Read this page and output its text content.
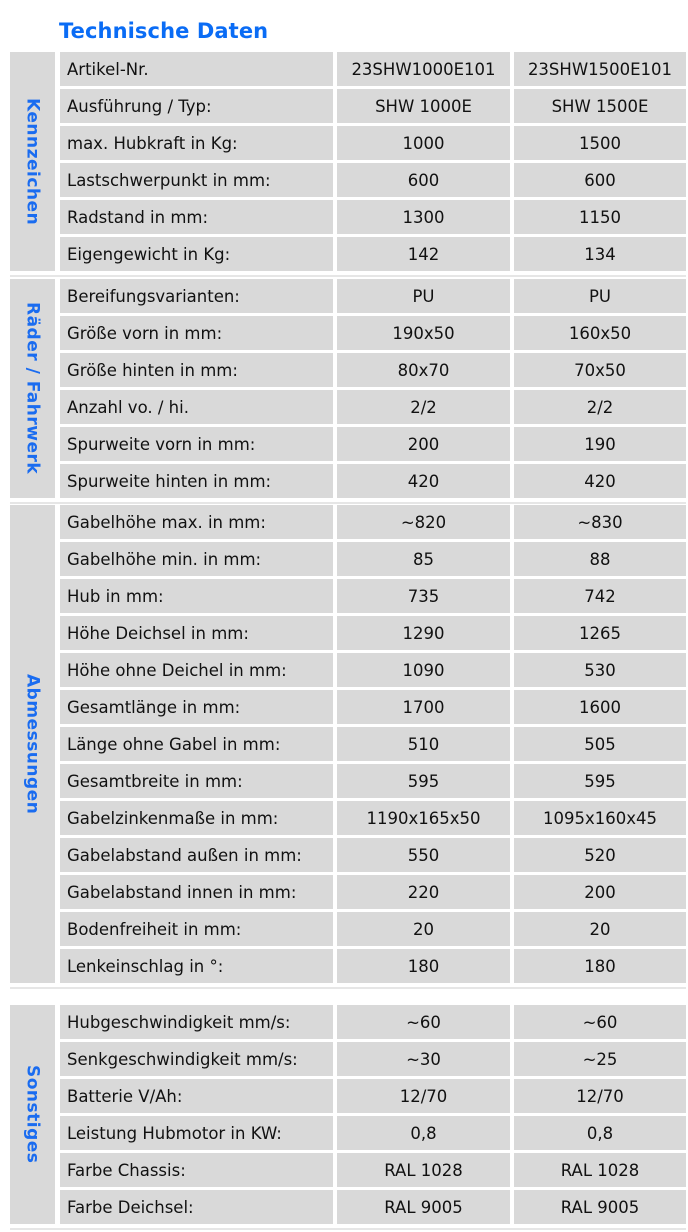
Technische Daten
Kennzeichen
Artikel-Nr.	23SHW1000E101	23SHW1500E101
Ausführung / Typ:	SHW 1000E	SHW 1500E
max. Hubkraft in Kg:	1000	1500
Lastschwerpunkt in mm:	600	600
Radstand in mm:	1300	1150
Eigengewicht in Kg:	142	134
Räder / Fahrwerk
Bereifungsvarianten:	PU	PU
Größe vorn in mm:	190x50	160x50
Größe hinten in mm:	80x70	70x50
Anzahl vo. / hi.	2/2	2/2
Spurweite vorn in mm:	200	190
Spurweite hinten in mm:	420	420
Abmessungen
Gabelhöhe max. in mm:	~820	~830
Gabelhöhe min. in mm:	85	88
Hub in mm:	735	742
Höhe Deichsel in mm:	1290	1265
Höhe ohne Deichel in mm:	1090	530
Gesamtlänge in mm:	1700	1600
Länge ohne Gabel in mm:	510	505
Gesamtbreite in mm:	595	595
Gabelzinkenmaße in mm:	1190x165x50	1095x160x45
Gabelabstand außen in mm:	550	520
Gabelabstand innen in mm:	220	200
Bodenfreiheit in mm:	20	20
Lenkeinschlag in °:	180	180
Sonstiges
Hubgeschwindigkeit mm/s:	~60	~60
Senkgeschwindigkeit mm/s:	~30	~25
Batterie V/Ah:	12/70	12/70
Leistung Hubmotor in KW:	0,8	0,8
Farbe Chassis:	RAL 1028	RAL 1028
Farbe Deichsel:	RAL 9005	RAL 9005
